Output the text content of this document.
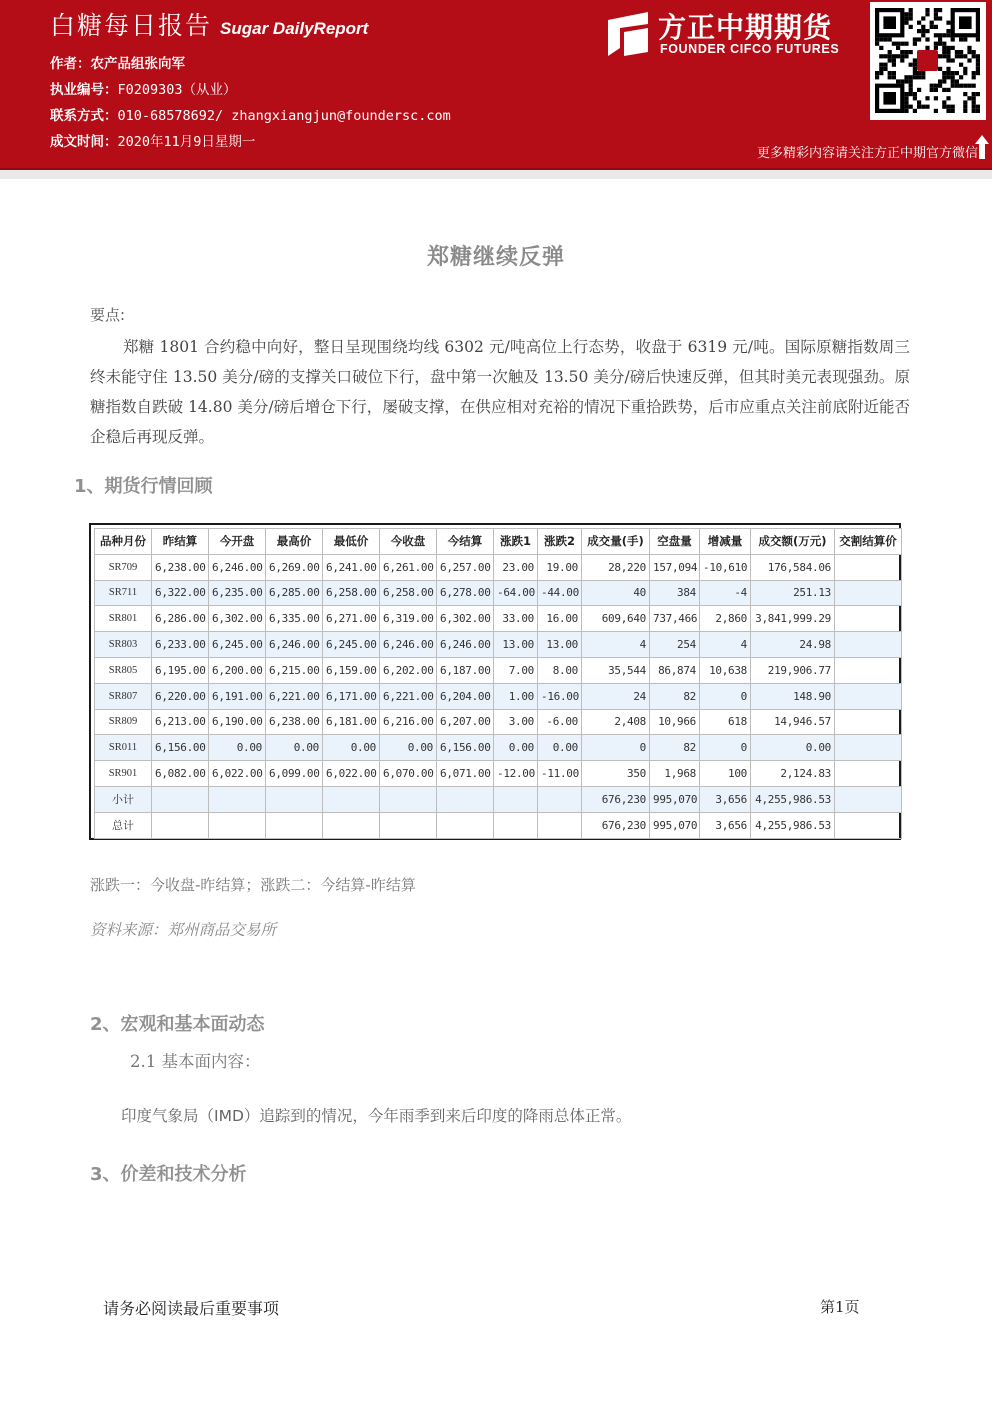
白糖每日报告 Sugar DailyReport
作者：农产品组张向军
执业编号：F0209303（从业）
联系方式：010-68578692/ zhangxiangjun@foundersc.com
成文时间：2020年11月9日星期一
方正中期期货
FOUNDER CIFCO FUTURES
更多精彩内容请关注方正中期官方微信
郑糖继续反弹
要点:
郑糖 1801 合约稳中向好，整日呈现围绕均线 6302 元/吨高位上行态势，收盘于 6319 元/吨。国际原糖指数周三终未能守住 13.50 美分/磅的支撑关口破位下行，盘中第一次触及 13.50 美分/磅后快速反弹，但其时美元表现强劲。原糖指数自跌破 14.80 美分/磅后增仓下行，屡破支撑，在供应相对充裕的情况下重拾跌势，后市应重点关注前底附近能否企稳后再现反弹。
1、期货行情回顾
品种月份	昨结算	今开盘	最高价	最低价	今收盘	今结算	涨跌1	涨跌2	成交量(手)	空盘量	增减量	成交额(万元)	交割结算价
SR709	6,238.00	6,246.00	6,269.00	6,241.00	6,261.00	6,257.00	23.00	19.00	28,220	157,094	-10,610	176,584.06	
SR711	6,322.00	6,235.00	6,285.00	6,258.00	6,258.00	6,278.00	-64.00	-44.00	40	384	-4	251.13	
SR801	6,286.00	6,302.00	6,335.00	6,271.00	6,319.00	6,302.00	33.00	16.00	609,640	737,466	2,860	3,841,999.29	
SR803	6,233.00	6,245.00	6,246.00	6,245.00	6,246.00	6,246.00	13.00	13.00	4	254	4	24.98	
SR805	6,195.00	6,200.00	6,215.00	6,159.00	6,202.00	6,187.00	7.00	8.00	35,544	86,874	10,638	219,906.77	
SR807	6,220.00	6,191.00	6,221.00	6,171.00	6,221.00	6,204.00	1.00	-16.00	24	82	0	148.90	
SR809	6,213.00	6,190.00	6,238.00	6,181.00	6,216.00	6,207.00	3.00	-6.00	2,408	10,966	618	14,946.57	
SR011	6,156.00	0.00	0.00	0.00	0.00	6,156.00	0.00	0.00	0	82	0	0.00	
SR901	6,082.00	6,022.00	6,099.00	6,022.00	6,070.00	6,071.00	-12.00	-11.00	350	1,968	100	2,124.83	
小计									676,230	995,070	3,656	4,255,986.53	
总计									676,230	995,070	3,656	4,255,986.53	
涨跌一：今收盘-昨结算；涨跌二：今结算-昨结算
资料来源：郑州商品交易所
2、宏观和基本面动态
2.1 基本面内容：
印度气象局（IMD）追踪到的情况，今年雨季到来后印度的降雨总体正常。
3、价差和技术分析
请务必阅读最后重要事项	第1页
